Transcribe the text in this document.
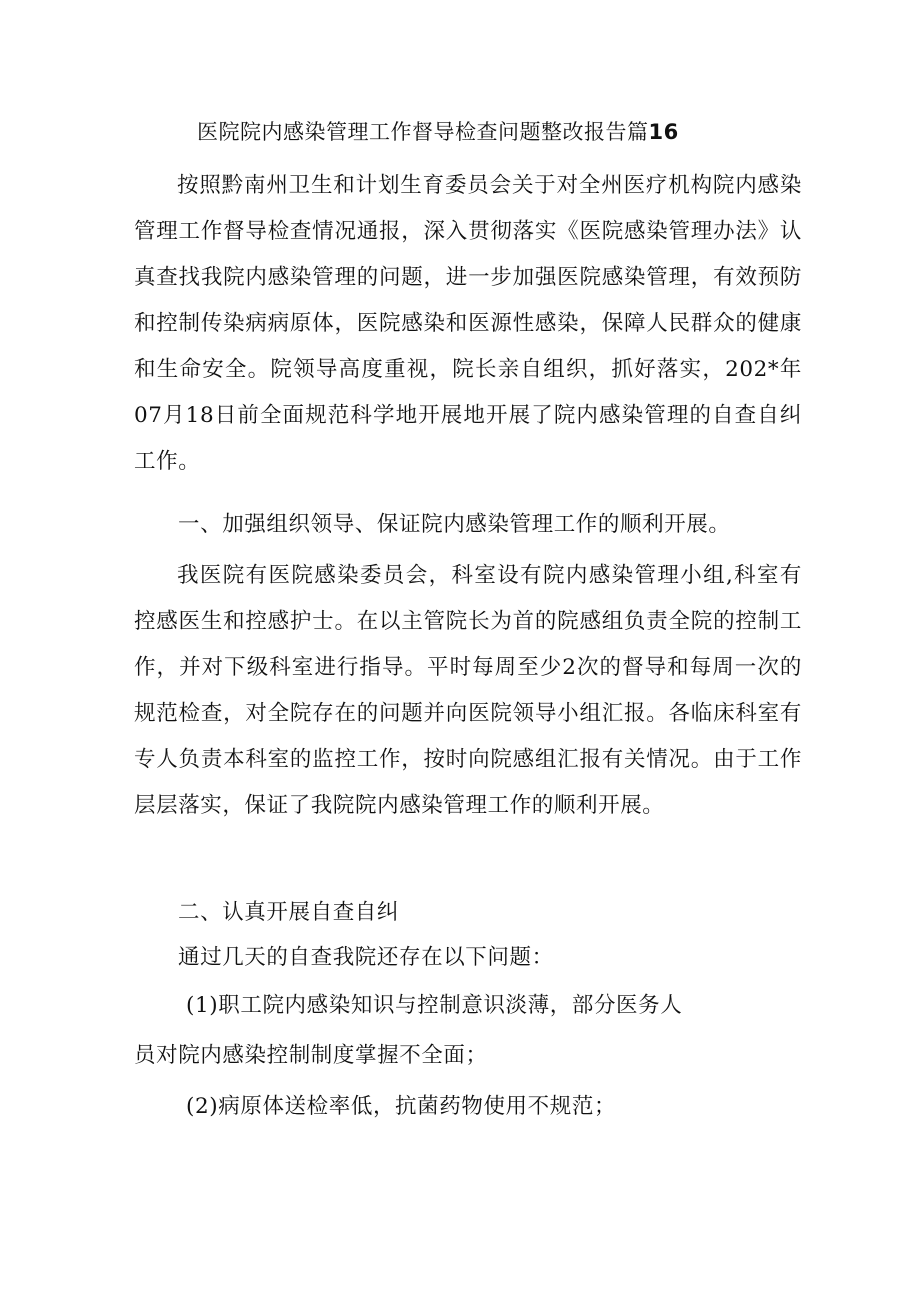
医院院内感染管理工作督导检查问题整改报告篇16

按照黔南州卫生和计划生育委员会关于对全州医疗机构院内感染管理工作督导检查情况通报，深入贯彻落实《医院感染管理办法》认真查找我院内感染管理的问题，进一步加强医院感染管理，有效预防和控制传染病病原体，医院感染和医源性感染，保障人民群众的健康和生命安全。院领导高度重视，院长亲自组织，抓好落实，202*年07月18日前全面规范科学地开展地开展了院内感染管理的自查自纠工作。

一、加强组织领导、保证院内感染管理工作的顺利开展。

我医院有医院感染委员会，科室设有院内感染管理小组,科室有控感医生和控感护士。在以主管院长为首的院感组负责全院的控制工作，并对下级科室进行指导。平时每周至少2次的督导和每周一次的规范检查，对全院存在的问题并向医院领导小组汇报。各临床科室有专人负责本科室的监控工作，按时向院感组汇报有关情况。由于工作层层落实，保证了我院院内感染管理工作的顺利开展。

二、认真开展自查自纠

通过几天的自查我院还存在以下问题：

(1)职工院内感染知识与控制意识淡薄，部分医务人

员对院内感染控制制度掌握不全面；

(2)病原体送检率低，抗菌药物使用不规范；
